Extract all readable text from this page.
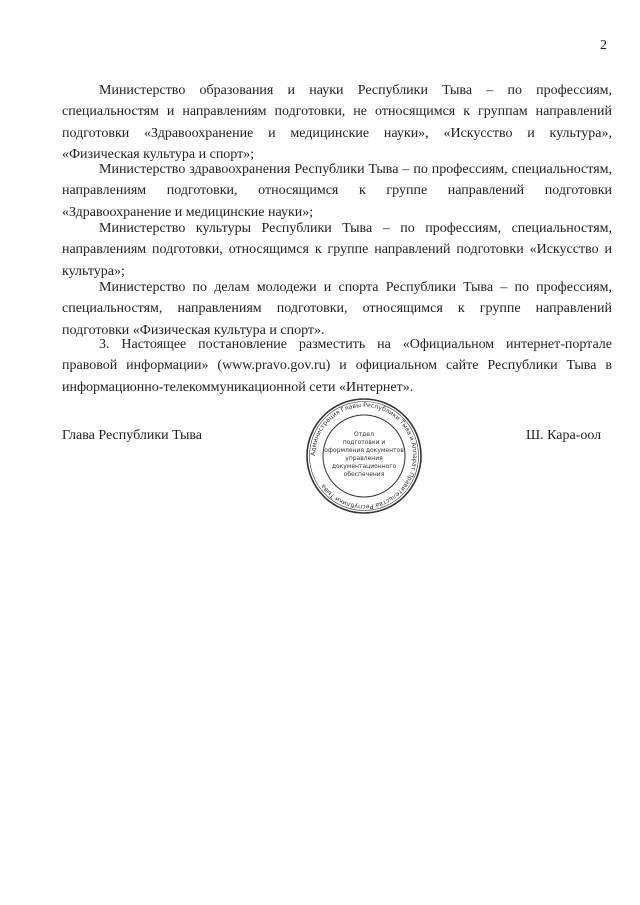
2

Министерство образования и науки Республики Тыва – по профессиям, специальностям и направлениям подготовки, не относящимся к группам направлений подготовки «Здравоохранение и медицинские науки», «Искусство и культура», «Физическая культура и спорт»;

Министерство здравоохранения Республики Тыва – по профессиям, специальностям, направлениям подготовки, относящимся к группе направлений подготовки «Здравоохранение и медицинские науки»;

Министерство культуры Республики Тыва – по профессиям, специальностям, направлениям подготовки, относящимся к группе направлений подготовки «Искусство и культура»;

Министерство по делам молодежи и спорта Республики Тыва – по профессиям, специальностям, направлениям подготовки, относящимся к группе направлений подготовки «Физическая культура и спорт».

3. Настоящее постановление разместить на «Официальном интернет-портале правовой информации» (www.pravo.gov.ru) и официальном сайте Республики Тыва в информационно-телекоммуникационной сети «Интернет».

Глава Республики Тыва
Администрация Главы Республики Тыва и Аппарат Правительства Республики Тыва
Отдел
подготовки и
оформления документов
управления
документационного
обеспечения
Ш. Кара-оол
